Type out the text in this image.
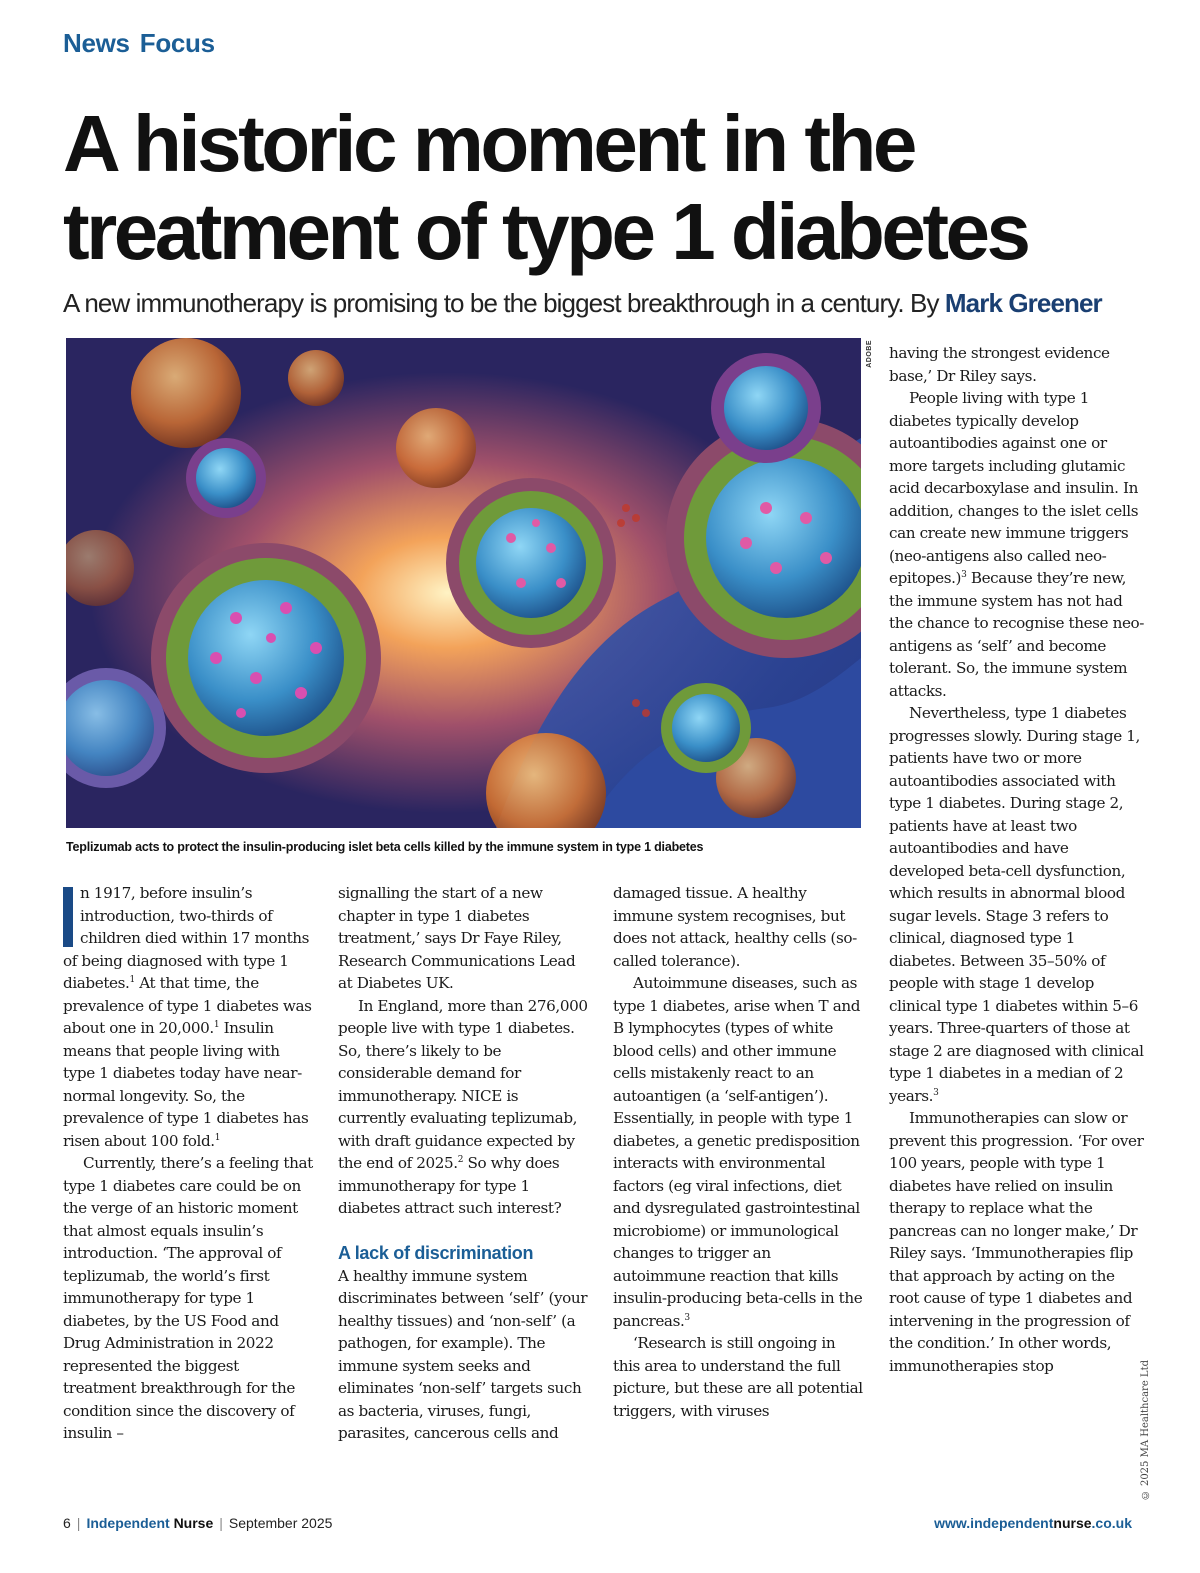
News Focus
A historic moment in the
treatment of type 1 diabetes
A new immunotherapy is promising to be the biggest breakthrough in a century. By Mark Greener
ADOBE
Teplizumab acts to protect the insulin-producing islet beta cells killed by the immune system in type 1 diabetes

n 1917, before insulin’s introduction, two-thirds of children died within 17 months of being diagnosed with type 1 diabetes.$^1$ At that time, the prevalence of type 1 diabetes was about one in 20,000.$^1$ Insulin means that people living with type 1 diabetes today have near-normal longevity. So, the prevalence of type 1 diabetes has risen about 100 fold.$^1$

Currently, there’s a feeling that type 1 diabetes care could be on the verge of an historic moment that almost equals insulin’s introduction. ‘The approval of teplizumab, the world’s first immunotherapy for type 1 diabetes, by the US Food and Drug Administration in 2022 represented the biggest treatment breakthrough for the condition since the discovery of insulin –

signalling the start of a new chapter in type 1 diabetes treatment,’ says Dr Faye Riley, Research Communications Lead at Diabetes UK.

In England, more than 276,000 people live with type 1 diabetes. So, there’s likely to be considerable demand for immunotherapy. NICE is currently evaluating teplizumab, with draft guidance expected by the end of 2025.$^2$ So why does immunotherapy for type 1 diabetes attract such interest?

A lack of discrimination

A healthy immune system discriminates between ‘self’ (your healthy tissues) and ‘non-self’ (a pathogen, for example). The immune system seeks and eliminates ‘non-self’ targets such as bacteria, viruses, fungi, parasites, cancerous cells and

damaged tissue. A healthy immune system recognises, but does not attack, healthy cells (so-called tolerance).

Autoimmune diseases, such as type 1 diabetes, arise when T and B lymphocytes (types of white blood cells) and other immune cells mistakenly react to an autoantigen (a ‘self-antigen’). Essentially, in people with type 1 diabetes, a genetic predisposition interacts with environmental factors (eg viral infections, diet and dysregulated gastrointestinal microbiome) or immunological changes to trigger an autoimmune reaction that kills insulin-producing beta-cells in the pancreas.$^3$

‘Research is still ongoing in this area to understand the full picture, but these are all potential triggers, with viruses

having the strongest evidence base,’ Dr Riley says.

People living with type 1 diabetes typically develop autoantibodies against one or more targets including glutamic acid decarboxylase and insulin. In addition, changes to the islet cells can create new immune triggers (neo-antigens also called neo-epitopes.)$^3$ Because they’re new, the immune system has not had the chance to recognise these neo-antigens as ‘self’ and become tolerant. So, the immune system attacks.

Nevertheless, type 1 diabetes progresses slowly. During stage 1, patients have two or more autoantibodies associated with type 1 diabetes. During stage 2, patients have at least two autoantibodies and have developed beta-cell dysfunction, which results in abnormal blood sugar levels. Stage 3 refers to clinical, diagnosed type 1 diabetes. Between 35–50% of people with stage 1 develop clinical type 1 diabetes within 5–6 years. Three-quarters of those at stage 2 are diagnosed with clinical type 1 diabetes in a median of 2 years.$^3$

Immunotherapies can slow or prevent this progression. ‘For over 100 years, people with type 1 diabetes have relied on insulin therapy to replace what the pancreas can no longer make,’ Dr Riley says. ‘Immunotherapies flip that approach by acting on the root cause of type 1 diabetes and intervening in the progression of the condition.’ In other words, immunotherapies stop	© 2025 MA Healthcare Ltd
6 | Independent Nurse | September 2025	www.independentnurse.co.uk
